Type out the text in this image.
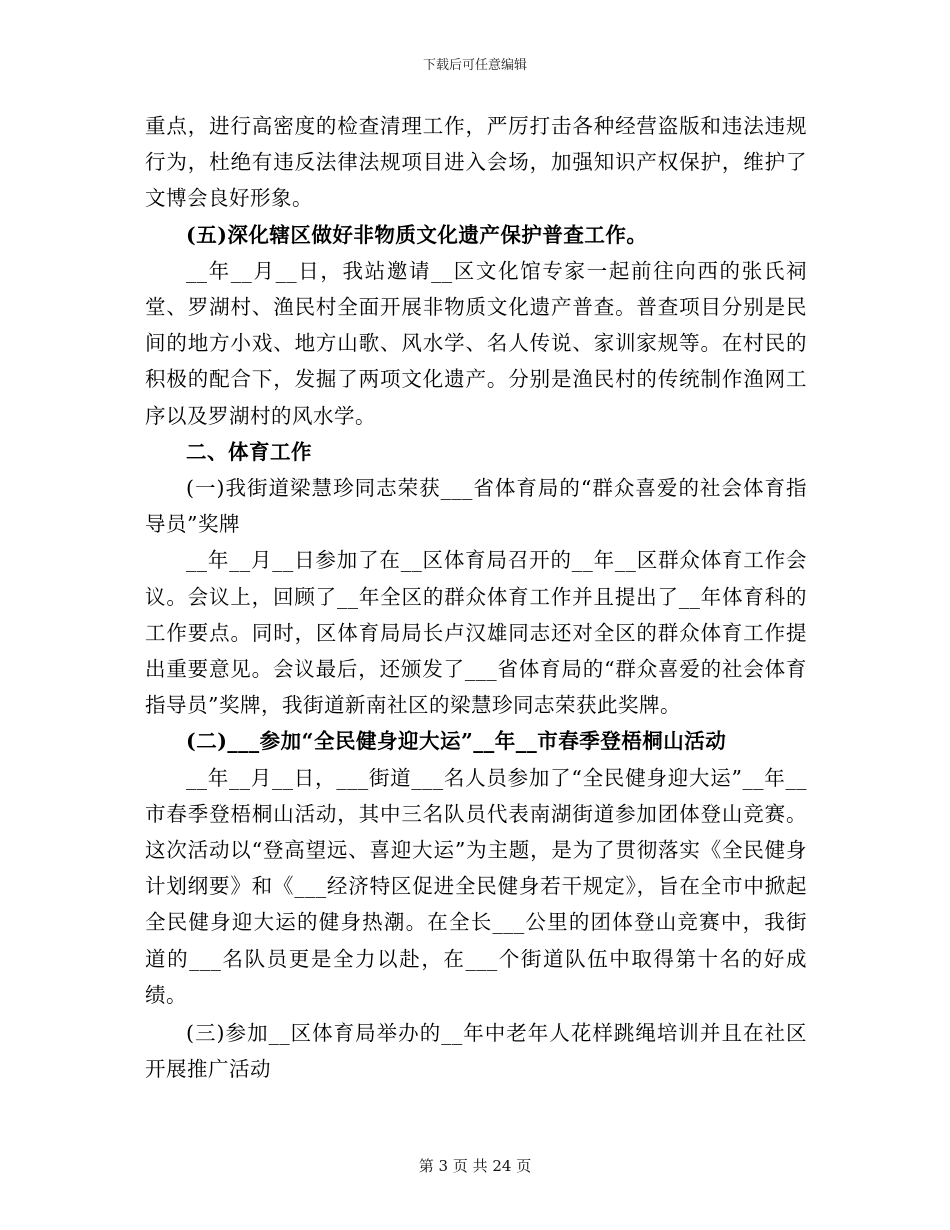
下载后可任意编辑

重点，进行高密度的检查清理工作，严厉打击各种经营盗版和违法违规行为，杜绝有违反法律法规项目进入会场，加强知识产权保护，维护了文博会良好形象。

(五)深化辖区做好非物质文化遗产保护普查工作。

__年__月__日，我站邀请__区文化馆专家一起前往向西的张氏祠堂、罗湖村、渔民村全面开展非物质文化遗产普查。普查项目分别是民间的地方小戏、地方山歌、风水学、名人传说、家训家规等。在村民的积极的配合下，发掘了两项文化遗产。分别是渔民村的传统制作渔网工序以及罗湖村的风水学。

二、体育工作

(一)我街道梁慧珍同志荣获___省体育局的“群众喜爱的社会体育指导员”奖牌

__年__月__日参加了在__区体育局召开的__年__区群众体育工作会议。会议上，回顾了__年全区的群众体育工作并且提出了__年体育科的工作要点。同时，区体育局局长卢汉雄同志还对全区的群众体育工作提出重要意见。会议最后，还颁发了___省体育局的“群众喜爱的社会体育指导员”奖牌，我街道新南社区的梁慧珍同志荣获此奖牌。

(二)___参加“全民健身迎大运”__年__市春季登梧桐山活动

__年__月__日，___街道___名人员参加了“全民健身迎大运”__年__市春季登梧桐山活动，其中三名队员代表南湖街道参加团体登山竞赛。这次活动以“登高望远、喜迎大运”为主题，是为了贯彻落实《全民健身计划纲要》和《___经济特区促进全民健身若干规定》，旨在全市中掀起全民健身迎大运的健身热潮。在全长___公里的团体登山竞赛中，我街道的___名队员更是全力以赴，在___个街道队伍中取得第十名的好成绩。

(三)参加__区体育局举办的__年中老年人花样跳绳培训并且在社区开展推广活动

第 3 页 共 24 页
